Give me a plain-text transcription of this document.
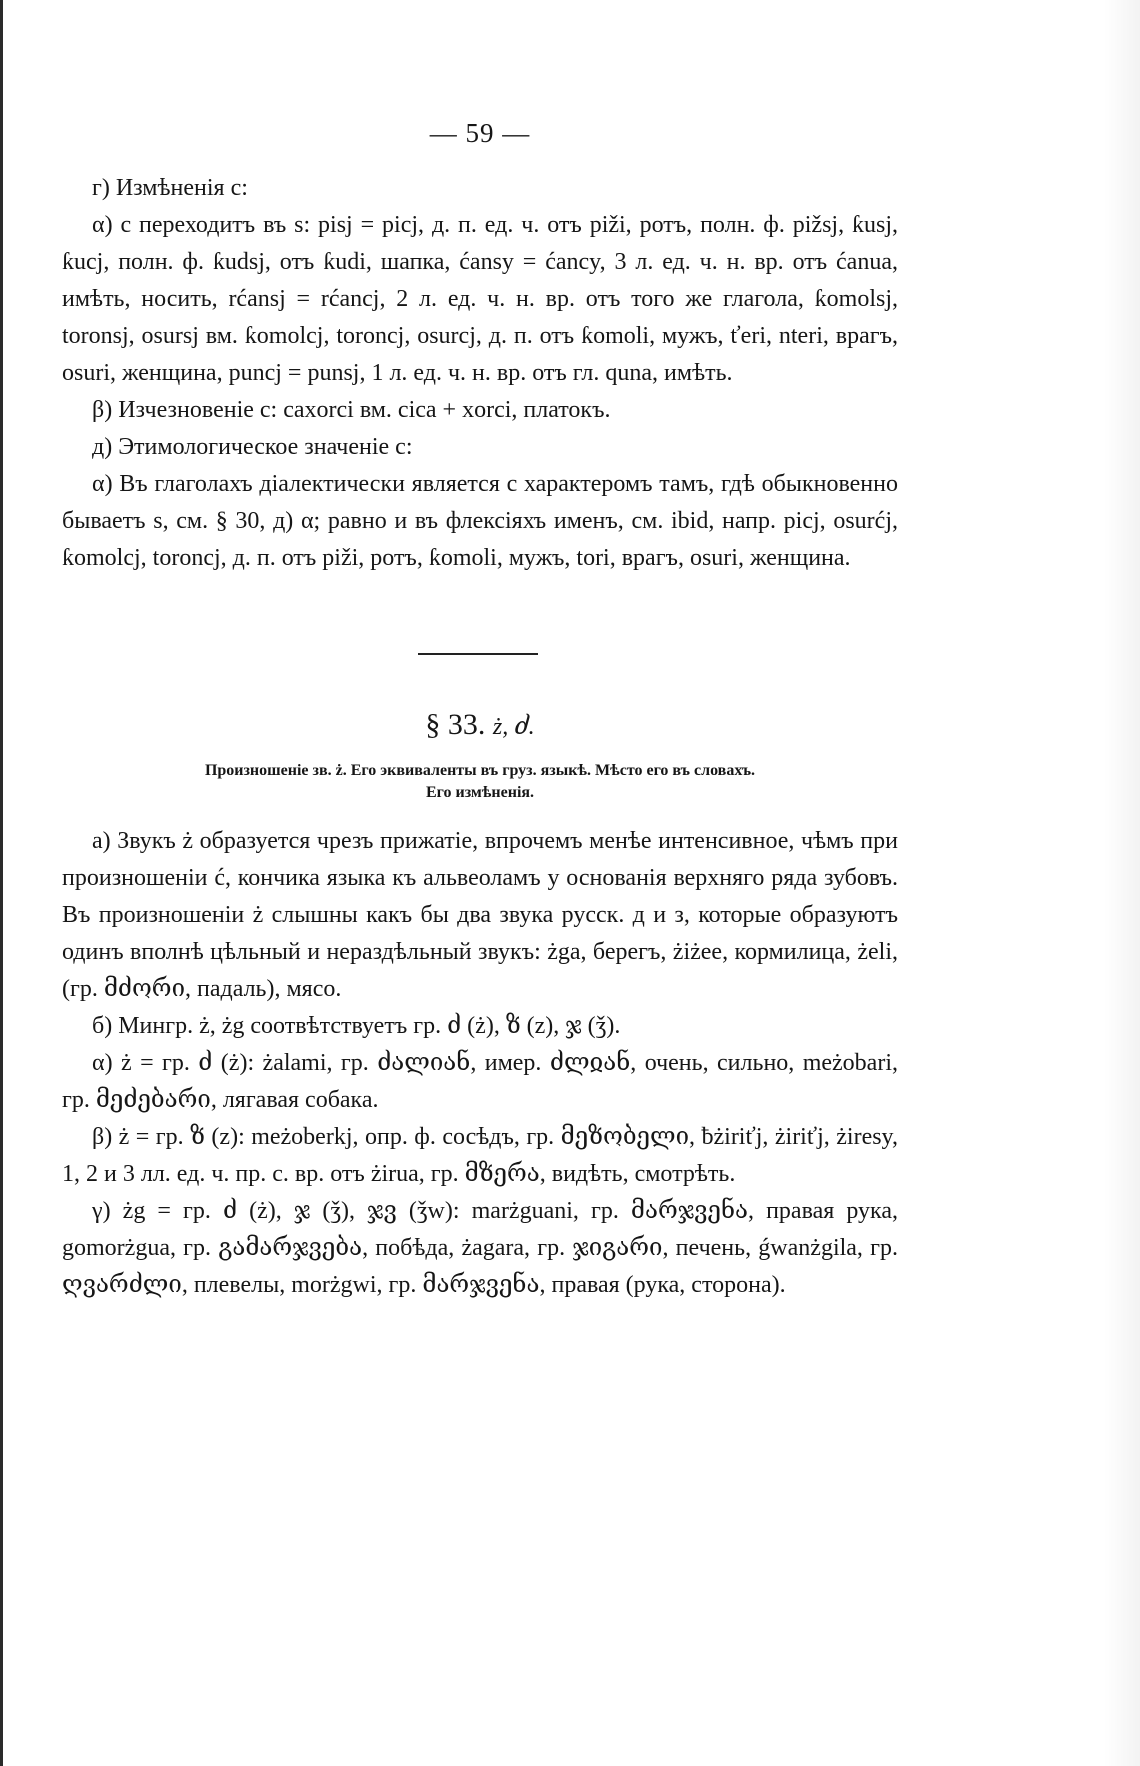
— 59 —

г) Измѣненія c:

α) c переходитъ въ s: pisj = picj, д. п. ед. ч. отъ piži, ротъ, полн. ф. pižsj, ƙusj, ƙucj, полн. ф. ƙudsj, отъ ƙudi, шапка, ćansy = ćancy, 3 л. ед. ч. н. вр. отъ ćanua, имѣть, носить, rćansj = rćancj, 2 л. ед. ч. н. вр. отъ того же глагола, ƙomolsj, toronsj, osursj вм. ƙomolcj, toroncj, osurcj, д. п. отъ ƙomoli, мужъ, ťeri, nteri, врагъ, osuri, женщина, puncj = punsj, 1 л. ед. ч. н. вр. отъ гл. qunа, имѣть.

β) Изчезновеніе c: caxorci вм. cica + xorci, платокъ.

д) Этимологическое значеніе c:

α) Въ глаголахъ діалектически является c характеромъ тамъ, гдѣ обыкновенно бываетъ s, см. § 30, д) α; равно и въ флексіяхъ именъ, см. ibid, напр. picj, osurćj, ƙomolcj, toroncj, д. п. отъ piži, ротъ, ƙomoli, мужъ, tori, врагъ, osuri, женщина.

§ 33. ż, ძ.
Произношеніе зв. ż. Его эквиваленты въ груз. языкѣ. Мѣсто его въ словахъ.
Его измѣненія.

а) Звукъ ż образуется чрезъ прижатіе, впрочемъ менѣе интенсивное, чѣмъ при произношеніи ć, кончика языка къ альвеоламъ у основанія верхняго ряда зубовъ. Въ произношеніи ż слышны какъ бы два звука русск. д и з, которые образуютъ одинъ вполнѣ цѣльный и нераздѣльный звукъ: żga, берегъ, żiżee, кормилица, żeli, (гр. მძორი, падаль), мясо.

б) Мингр. ż, żg соотвѣтствуетъ гр. ძ (ż), ზ (z), ჯ (ǯ).

α) ż = гр. ძ (ż): żalami, гр. ძალიან, имер. ძლჲან, очень, сильно, meżobari, гр. მეძებარი, лягавая собака.

β) ż = гр. ზ (z): meżoberkj, опр. ф. сосѣдъ, гр. მეზობელი, ƀżiriťj, żiriťj, żiresy, 1, 2 и 3 лл. ед. ч. пр. с. вр. отъ żirua, гр. მზერა, видѣть, смотрѣть.

γ) żg = гр. ძ (ż), ჯ (ǯ), ჯვ (ǯw): marżguani, гр. მარჯვენა, правая рука, gomorżgua, гр. გამარჯვება, побѣда, żagara, гр. ჯიგარი, печень, ǵwanżgila, гр. ღვარძლი, плевелы, morżgwi, гр. მარჯვენა, правая (рука, сторона).
